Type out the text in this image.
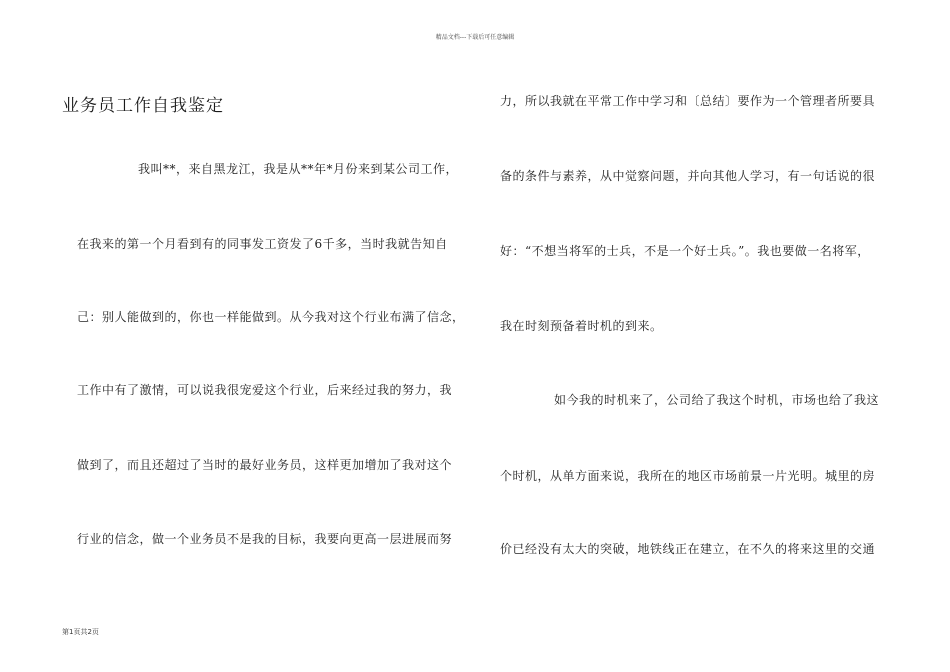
精品文档---下载后可任意编辑
业务员工作自我鉴定
我叫**，来自黑龙江，我是从**年*月份来到某公司工作，
在我来的第一个月看到有的同事发工资发了6千多，当时我就告知自
己：别人能做到的，你也一样能做到。从今我对这个行业布满了信念，
工作中有了激情，可以说我很宠爱这个行业，后来经过我的努力，我
做到了，而且还超过了当时的最好业务员，这样更加增加了我对这个
行业的信念，做一个业务员不是我的目标，我要向更高一层进展而努
力，所以我就在平常工作中学习和〔总结〕要作为一个管理者所要具
备的条件与素养，从中觉察问题，并向其他人学习，有一句话说的很
好：“不想当将军的士兵，不是一个好士兵。”。我也要做一名将军，
我在时刻预备着时机的到来。
如今我的时机来了，公司给了我这个时机，市场也给了我这
个时机，从单方面来说，我所在的地区市场前景一片光明。城里的房
价已经没有太大的突破，地铁线正在建立，在不久的将来这里的交通
第1页共2页
